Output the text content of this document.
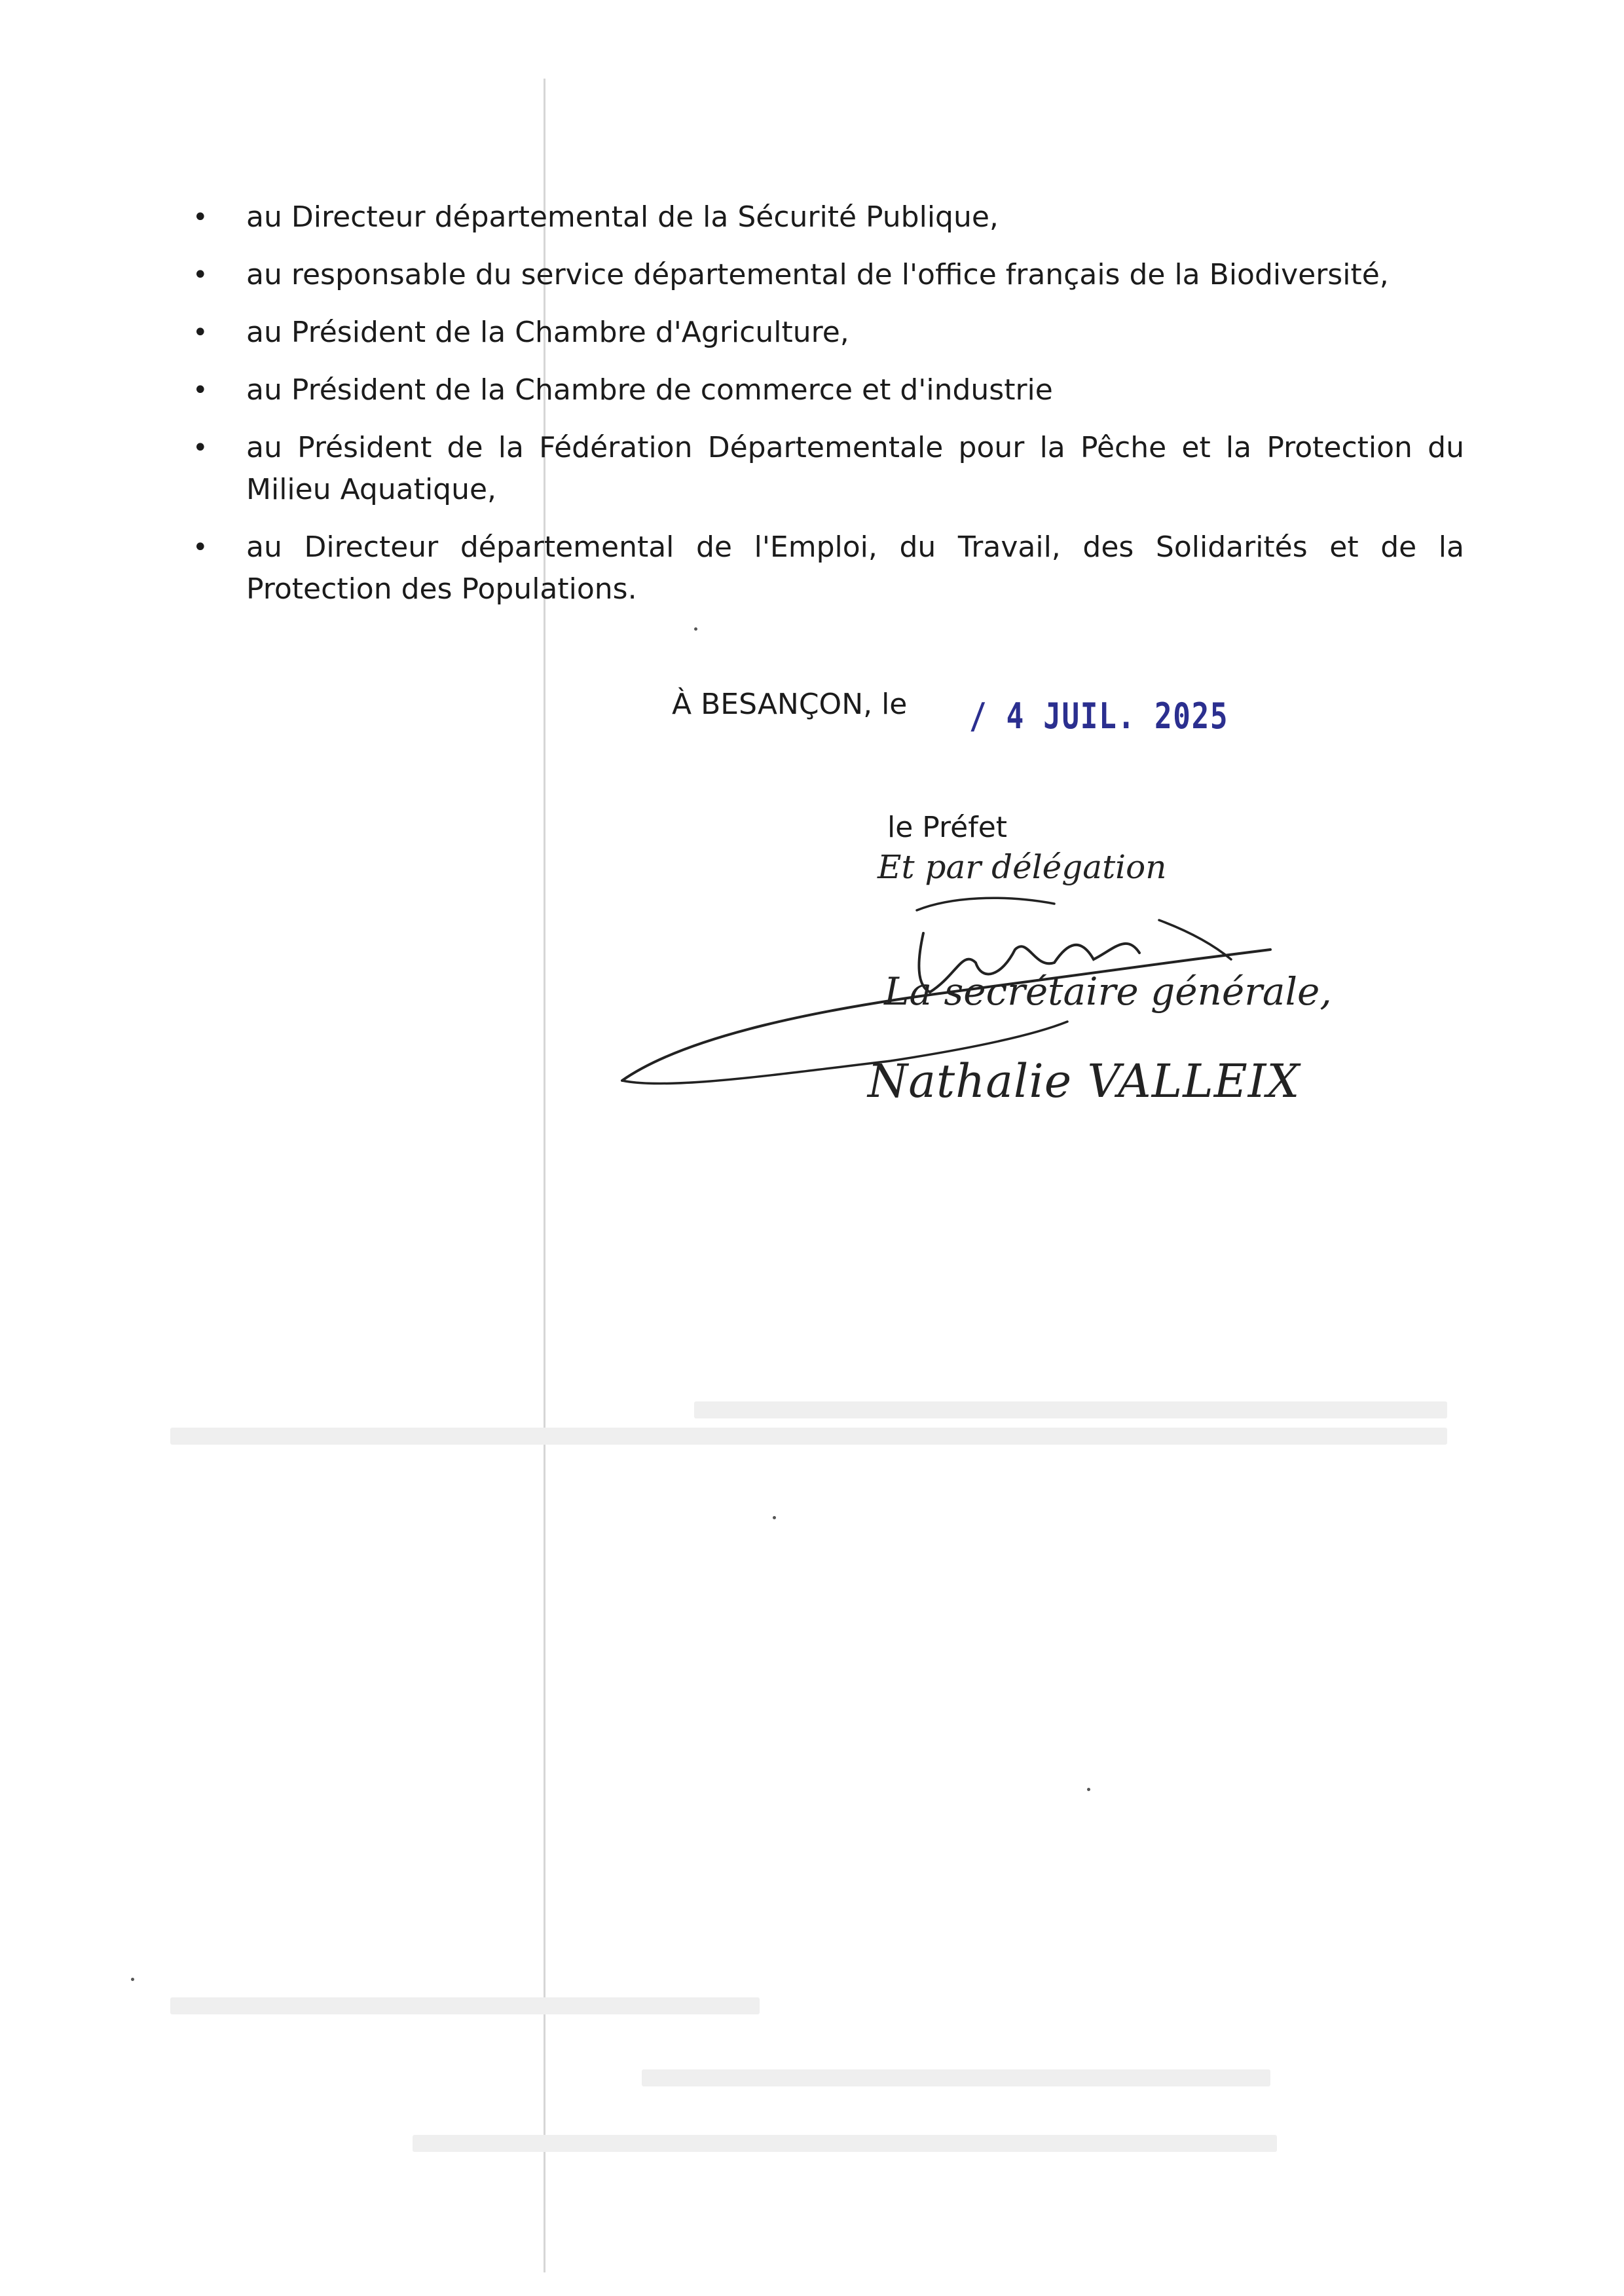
• au Directeur départemental de la Sécurité Publique,
• au responsable du service départemental de l'office français de la Biodiversité,
• au Président de la Chambre d'Agriculture,
• au Président de la Chambre de commerce et d'industrie
• au Président de la Fédération Départementale pour la Pêche et la Protection du Milieu Aquatique,
• au Directeur départemental de l'Emploi, du Travail, des Solidarités et de la Protection des Populations.
À BESANÇON, le / 4 JUIL. 2025
le Préfet
Et par délégation
La secrétaire générale,
Nathalie VALLEIX
